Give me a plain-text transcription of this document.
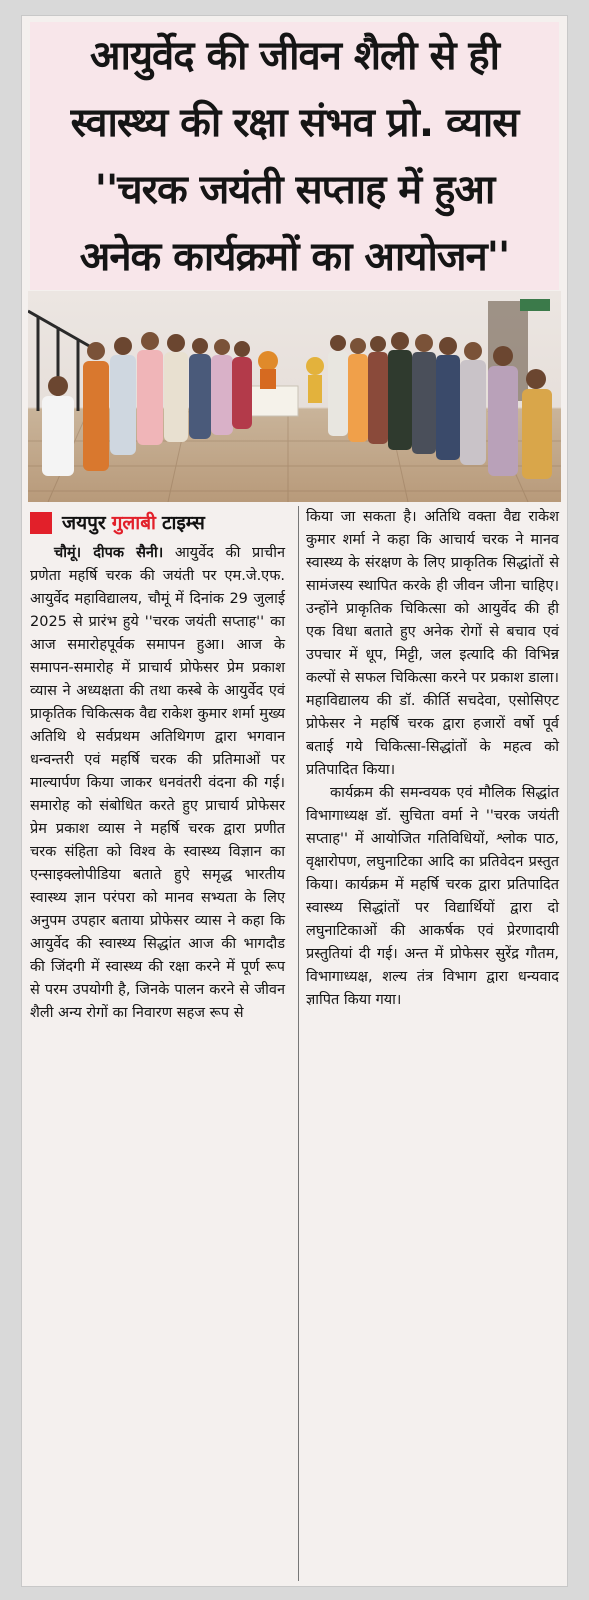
आयुर्वेद की जीवन शैली से ही
स्वास्थ्य की रक्षा संभव प्रो. व्यास
''चरक जयंती सप्ताह में हुआ
अनेक कार्यक्रमों का आयोजन''
जयपुर गुलाबी टाइम्स

चौमूं। दीपक सैनी। आयुर्वेद की प्राचीन प्रणेता महर्षि चरक की जयंती पर एम.जे.एफ. आयुर्वेद महाविद्यालय, चौमूं में दिनांक 29 जुलाई 2025 से प्रारंभ हुये ''चरक जयंती सप्ताह'' का आज समारोहपूर्वक समापन हुआ। आज के समापन-समारोह में प्राचार्य प्रोफेसर प्रेम प्रकाश व्यास ने अध्यक्षता की तथा कस्बे के आयुर्वेद एवं प्राकृतिक चिकित्सक वैद्य राकेश कुमार शर्मा मुख्य अतिथि थे सर्वप्रथम अतिथिगण द्वारा भगवान धन्वन्तरी एवं महर्षि चरक की प्रतिमाओं पर माल्यार्पण किया जाकर धनवंतरी वंदना की गई। समारोह को संबोधित करते हुए प्राचार्य प्रोफेसर प्रेम प्रकाश व्यास ने महर्षि चरक द्वारा प्रणीत चरक संहिता को विश्व के स्वास्थ्य विज्ञान का एन्साइक्लोपीडिया बताते हुऐ समृद्ध भारतीय स्वास्थ्य ज्ञान परंपरा को मानव सभ्यता के लिए अनुपम उपहार बताया प्रोफेसर व्यास ने कहा कि आयुर्वेद की स्वास्थ्य सिद्धांत आज की भागदौड की जिंदगी में स्वास्थ्य की रक्षा करने में पूर्ण रूप से परम उपयोगी है, जिनके पालन करने से जीवन शैली अन्य रोगों का निवारण सहज रूप से

किया जा सकता है। अतिथि वक्ता वैद्य राकेश कुमार शर्मा ने कहा कि आचार्य चरक ने मानव स्वास्थ्य के संरक्षण के लिए प्राकृतिक सिद्धांतों से सामंजस्य स्थापित करके ही जीवन जीना चाहिए। उन्होंने प्राकृतिक चिकित्सा को आयुर्वेद की ही एक विधा बताते हुए अनेक रोगों से बचाव एवं उपचार में धूप, मिट्टी, जल इत्यादि की विभिन्न कल्पों से सफल चिकित्सा करने पर प्रकाश डाला। महाविद्यालय की डॉ. कीर्ति सचदेवा, एसोसिएट प्रोफेसर ने महर्षि चरक द्वारा हजारों वर्षो पूर्व बताई गये चिकित्सा-सिद्धांतों के महत्व को प्रतिपादित किया।

कार्यक्रम की समन्वयक एवं मौलिक सिद्धांत विभागाध्यक्ष डॉ. सुचिता वर्मा ने ''चरक जयंती सप्ताह'' में आयोजित गतिविधियों, श्लोक पाठ, वृक्षारोपण, लघुनाटिका आदि का प्रतिवेदन प्रस्तुत किया। कार्यक्रम में महर्षि चरक द्वारा प्रतिपादित स्वास्थ्य सिद्धांतों पर विद्यार्थियों द्वारा दो लघुनाटिकाओं की आकर्षक एवं प्रेरणादायी प्रस्तुतियां दी गई। अन्त में प्रोफेसर सुरेंद्र गौतम, विभागाध्यक्ष, शल्य तंत्र विभाग द्वारा धन्यवाद ज्ञापित किया गया।
